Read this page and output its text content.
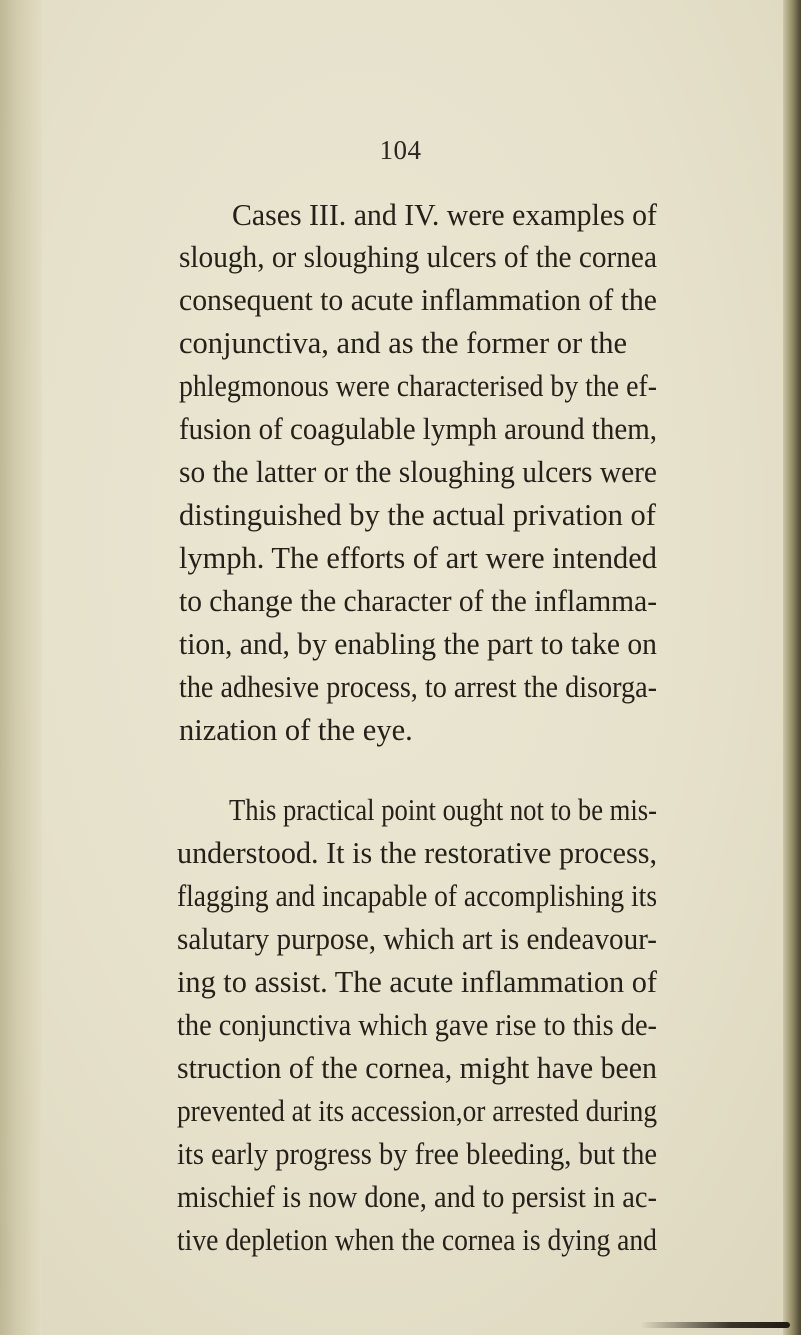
104
Cases III. and IV. were examples of
slough, or sloughing ulcers of the cornea
consequent to acute inflammation of the
conjunctiva, and as the former or the
phlegmonous were characterised by the ef-
fusion of coagulable lymph around them,
so the latter or the sloughing ulcers were
distinguished by the actual privation of
lymph. The efforts of art were intended
to change the character of the inflamma-
tion, and, by enabling the part to take on
the adhesive process, to arrest the disorga-
nization of the eye.
This practical point ought not to be mis-
understood. It is the restorative process,
flagging and incapable of accomplishing its
salutary purpose, which art is endeavour-
ing to assist. The acute inflammation of
the conjunctiva which gave rise to this de-
struction of the cornea, might have been
prevented at its accession,or arrested during
its early progress by free bleeding, but the
mischief is now done, and to persist in ac-
tive depletion when the cornea is dying and
